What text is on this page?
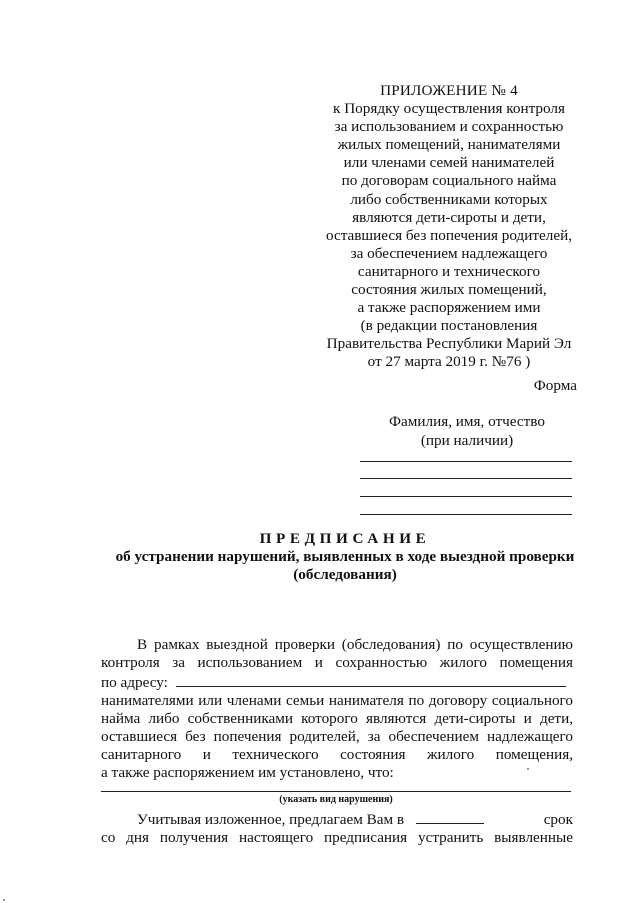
ПРИЛОЖЕНИЕ № 4
к Порядку осуществления контроля
за использованием и сохранностью
жилых помещений, нанимателями
или членами семей нанимателей
по договорам социального найма
либо собственниками которых
являются дети-сироты и дети,
оставшиеся без попечения родителей,
за обеспечением надлежащего
санитарного и технического
состояния жилых помещений,
а также распоряжением ими
(в редакции постановления
Правительства Республики Марий Эл
от 27 марта 2019 г. №76 )
Форма
Фамилия, имя, отчество
(при наличии)
ПРЕДПИСАНИЕ
об устранении нарушений, выявленных в ходе выездной проверки
(обследования)
В рамках выездной проверки (обследования) по осуществлению
контроля за использованием и сохранностью жилого помещения
по адресу:
нанимателями или членами семьи нанимателя по договору социального
найма либо собственниками которого являются дети-сироты и дети,
оставшиеся без попечения родителей, за обеспечением надлежащего
санитарного и технического состояния жилого помещения,
а также распоряжением им установлено, что:
(указать вид нарушения)
Учитывая изложенное, предлагаем Вам в	срок
со дня получения настоящего предписания устранить выявленные
